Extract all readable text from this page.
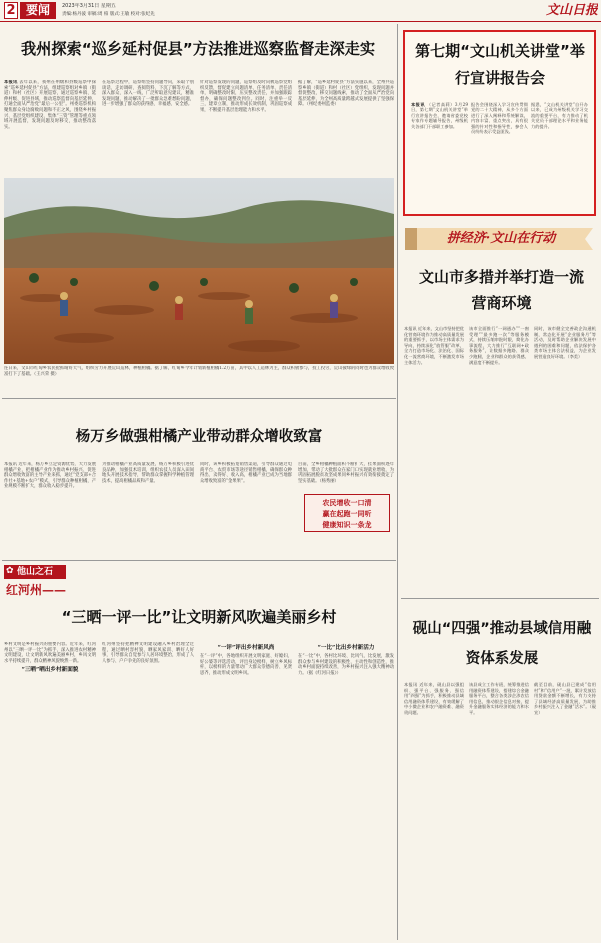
2 要闻	2023年3月31日 星期五
责编:杨丹波 审稿:周 柏 版式:王敏 校对:张纪先	文山日报
我州探索“巡乡延村促县”方法推进巡察监督走深走实
本报讯 去年以来，我州在州级和县级巡察中探索“巡乡延村促县”方法，组建巡察组对乡镇（街道）和村（社区）开展巡察，通过巡察乡镇、延伸村级、促进县域，推动巡察监督向基层延伸，打通全面从严治党“最后一公里”。州委巡察机构聚焦群众身边腐败问题和不正之风，围绕乡村振兴、基层党组织建设、集体“三资”管理等重点领域开展监督，发现问题及时移交，推动整改落实。
在巡察过程中，巡察组坚持问题导向，采取个别谈话、走访调研、查阅资料、下沉了解等方式，深入群众、深入一线，广泛听取意见建议，精准发现问题，推动解决了一批群众急难愁盼问题，进一步增强了群众的获得感、幸福感、安全感。
针对巡察发现的问题，巡察组及时向被巡察党组织反馈，督促建立问题清单、任务清单、责任清单，明确整改时限，压实整改责任，并加强跟踪督办，确保问题整改到位。同时，注重举一反三，建章立制，推动形成长效机制，巩固巡察成果，不断提升基层治理能力和水平。
据了解，“巡乡延村促县”方法实施以来，全州共巡察乡镇（街道）和村（社区）党组织，发现问题并督促整改，移交问题线索，推动了全面从严治党向基层延伸，为全州高质量跨越式发展提供了坚强保障。（州纪委州监委）
连日来，文山市红甸乡农民抢抓晴好天气，组织劳力开展荒山造林，种植柑橘。据了解，红甸乡今年计划新植柑橘1.2万亩，其中以人工造林为主，群众积极参与，投工投劳，荒山披绿的同时也为群众增收致富打下了基础。（王兴荣 摄）
杨万乡做强柑橘产业带动群众增收致富
本报讯 近年来，杨万乡立足资源优势，大力发展柑橘产业，把柑橘产业作为推动乡村振兴、促进群众增收致富的主导产业来抓，通过“党支部+合作社+基地+农户”模式，引导群众种植柑橘，产业规模不断扩大，群众收入稳步提升。
为推动柑橘产业高质量发展，杨万乡积极引进优良品种，加强技术培训，组织农技人员深入田间地头开展技术指导，帮助群众掌握科学种植管理技术，提高柑橘品质和产量。
同时，该乡积极拓宽销售渠道，引导群众通过电商平台、农贸市场等途径销售柑橘，确保群众种得出、卖得好、收入高，柑橘产业已成为当地群众增收致富的“金果果”。
目前，全乡柑橘种植面积不断扩大，挂果面积逐年增加，带动了大批群众在家门口实现就业增收，为巩固拓展脱贫攻坚成果同乡村振兴有效衔接奠定了坚实基础。（杨秀丽）
农民增收一口清
赢在起跑一同听
健康知识一条龙
✿ 他山之石
红河州——
“三晒一评一比”让文明新风吹遍美丽乡村
乡村文明是乡村振兴的重要内容。近年来，红河州以“三晒一评一比”为抓手，深入推进农村精神文明建设，让文明新风吹遍美丽乡村，乡风文明水平持续提升，群众精神风貌焕然一新。
“三晒”晒出乡村新面貌
红河州坚持把精神文明建设融入乡村治理全过程，通过晒村容村貌、晒家风家训、晒好人好事，引导群众自觉参与人居环境整治，形成了人人参与、户户争先的良好氛围。
“一评”评出乡村新风尚
在“一评”中，各地组织开展文明家庭、好媳妇、好公婆等评选活动，评出身边榜样，树立乡风标杆，以榜样的力量带动广大群众崇德向善、见贤思齐，推动形成文明乡风。
“一比”比出乡村新活力
在“一比”中，各村比环境、比风气、比发展，激发群众参与乡村建设的积极性、主动性和创造性，推动乡村面貌持续改善，为乡村振兴注入强大精神动力。（据《红河日报》）
第七期“文山机关讲堂”举行宣讲报告会
本报讯 （记者高莉）3月29日，第七期“文山机关讲堂”举行宣讲报告会，邀请省委党校专家作专题辅导报告，州级机关各部门干部职工参加。
报告会围绕深入学习宣传贯彻党的二十大精神，从多个方面进行了深入阐释和系统解读，内容丰富、重点突出，具有很强的针对性和指导性，参会人员纷纷表示受益匪浅。
据悉，“文山机关讲堂”自开办以来，已成为州级机关学习交流的重要平台，有力推动了机关党员干部理论水平和业务能力的提升。
拼经济·文山在行动
文山市多措并举打造一流营商环境
本报讯 近年来，文山市坚持把优化营商环境作为推动高质量发展的重要抓手，以市场主体需求为导向，持续深化“放管服”改革，全力打造市场化、法治化、国际化一流营商环境，不断激发市场主体活力。
该市全面推行“一网通办”“一窗受理”“最多跑一次”等服务模式，持续压缩审批时限，简化办事流程，大力推行“互联网+政务服务”，让数据多跑路、群众少跑腿，企业和群众的获得感、满意度不断提升。
同时，该市健全完善政企沟通机制，常态化开展“企业服务月”等活动，及时帮助企业解决发展中遇到的困难和问题，依法保护各类市场主体合法权益，为企业发展营造良好环境。（李美）
砚山“四强”推动县域信用融资体系发展
本报讯 近年来，砚山县以强组织、强平台、强服务、强信用“四强”为抓手，积极推动县域信用融资体系建设，有效缓解了中小微企业和农户融资难、融资贵问题。
该县成立工作专班，统筹推进信用融资体系建设，搭建综合金融服务平台，整合各类涉企涉农信用信息，推动银企信息对接，提升金融服务实体经济的能力和水平。
截至目前，砚山县已建成“信用村”和“信用户”一批，累计发放信用贷款金额不断增长，有力支持了县域经济高质量发展，为助推乡村振兴注入了金融“活水”。（砚宣）
